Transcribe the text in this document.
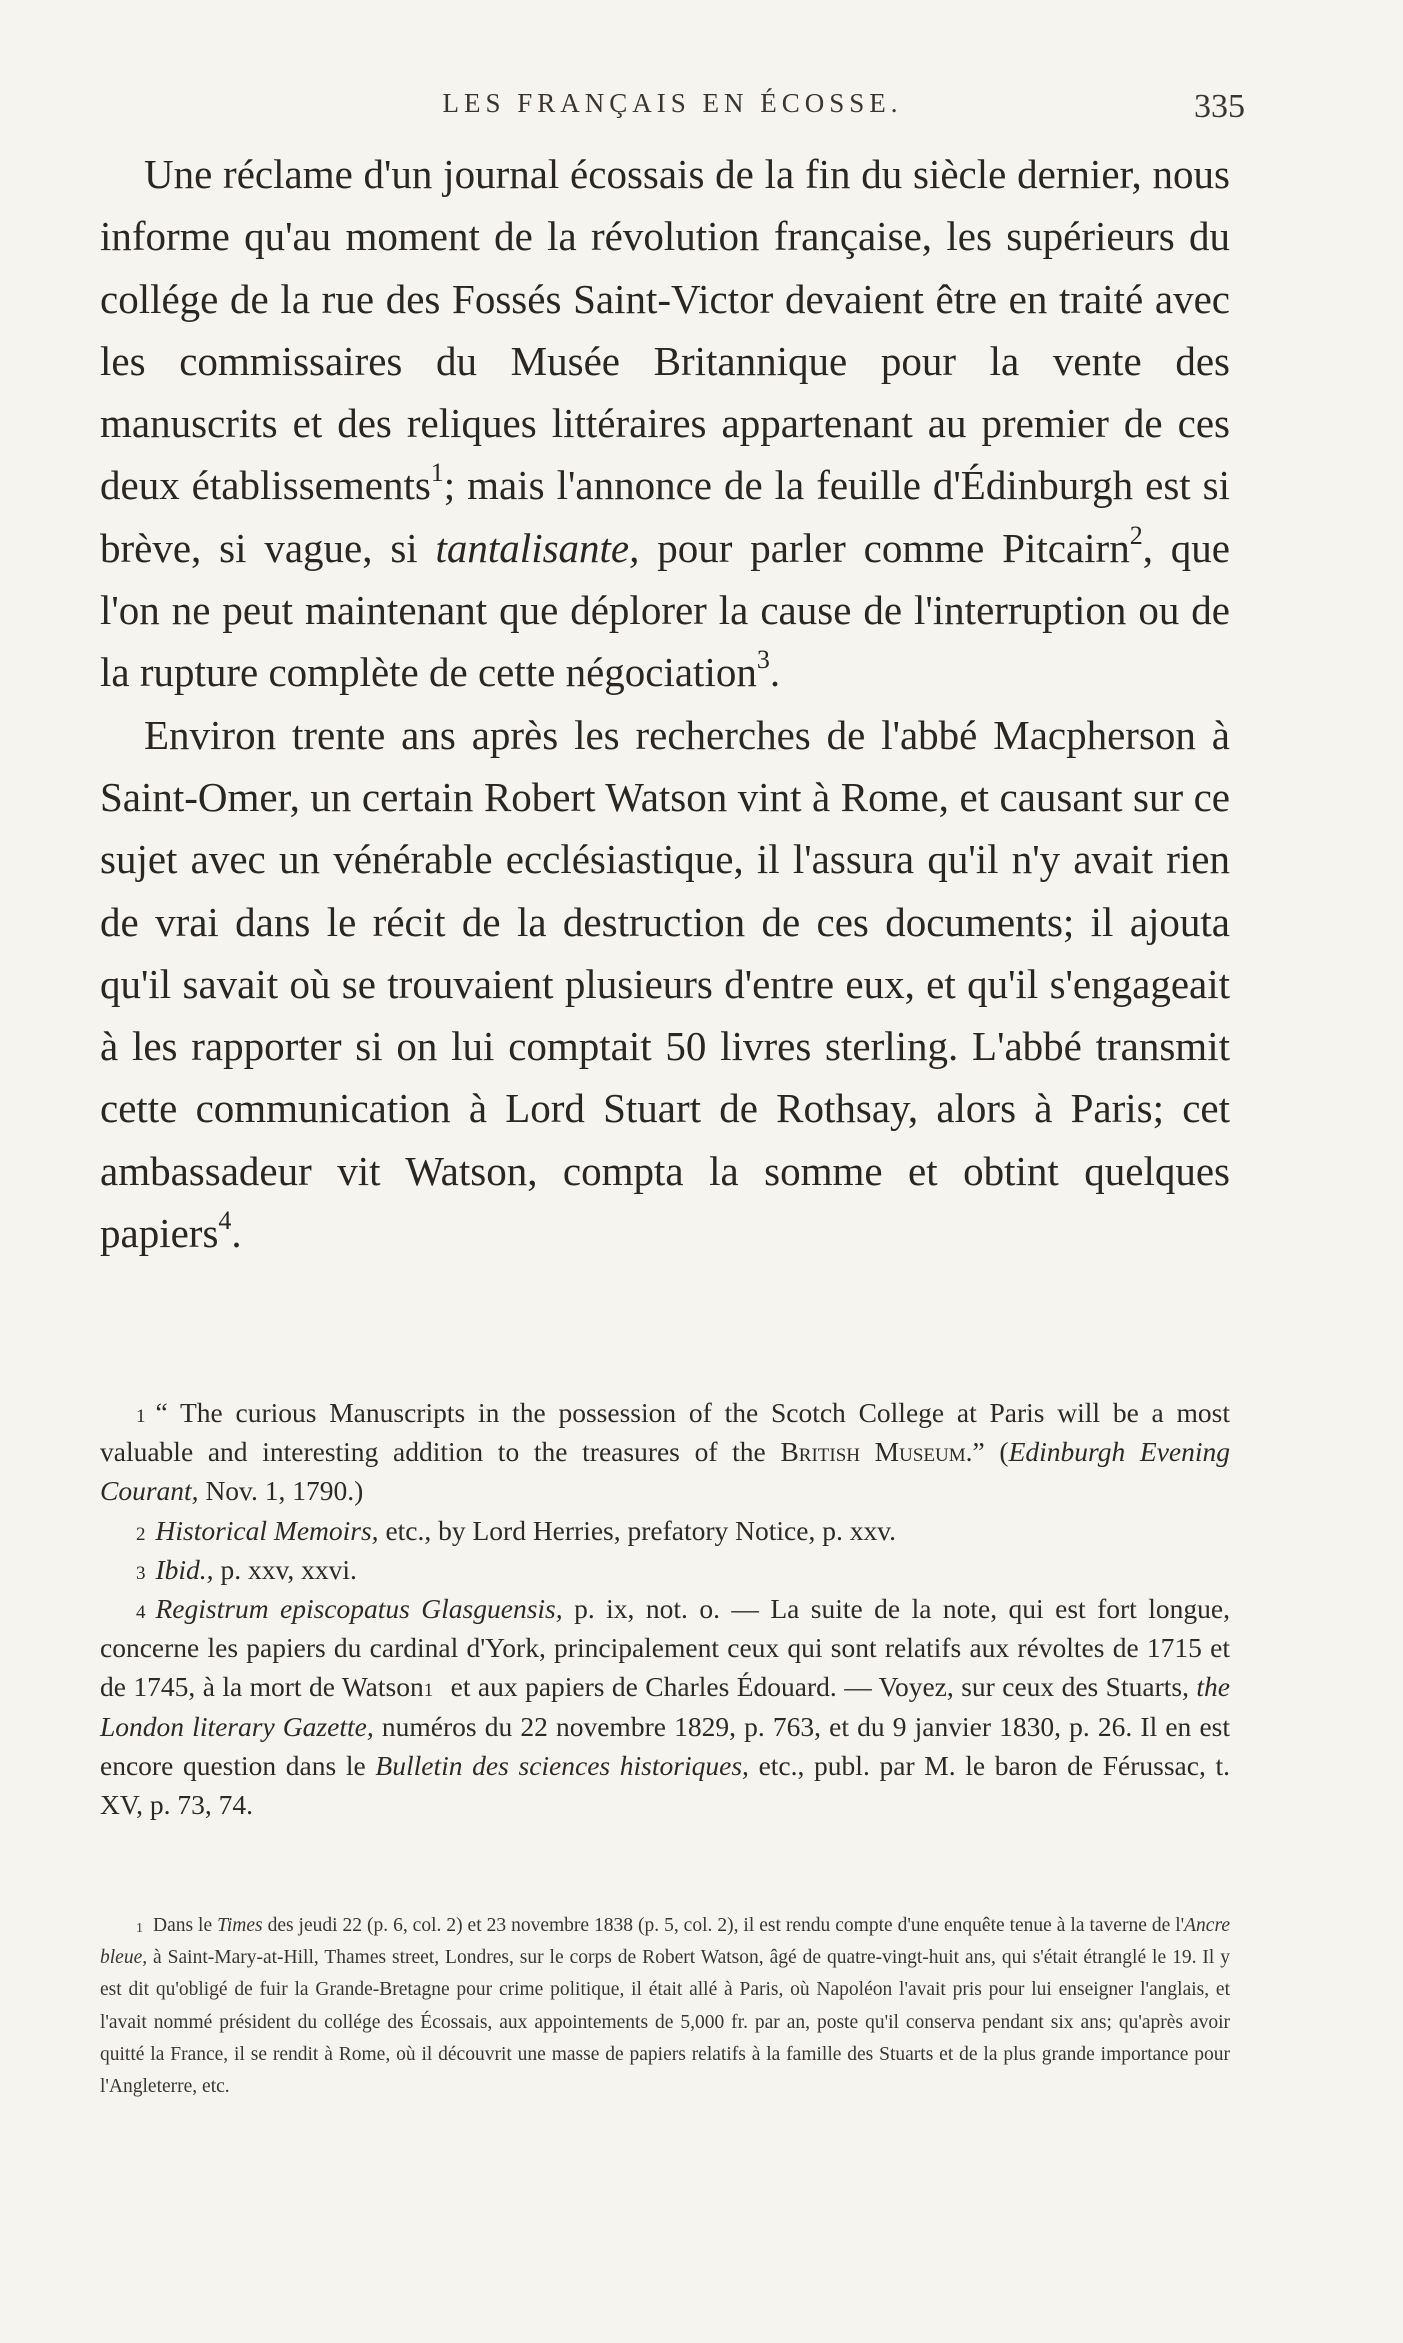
LES FRANÇAIS EN ÉCOSSE.	335

Une réclame d'un journal écossais de la fin du siècle dernier, nous informe qu'au moment de la révolution française, les supérieurs du collége de la rue des Fossés Saint-Victor devaient être en traité avec les commissaires du Musée Britannique pour la vente des manuscrits et des reliques littéraires appartenant au premier de ces deux établissements$^1$; mais l'annonce de la feuille d'Édinburgh est si brève, si vague, si tantalisante, pour parler comme Pitcairn$^2$, que l'on ne peut maintenant que déplorer la cause de l'interruption ou de la rupture complète de cette négociation$^3$.

Environ trente ans après les recherches de l'abbé Macpherson à Saint-Omer, un certain Robert Watson vint à Rome, et causant sur ce sujet avec un vénérable ecclésiastique, il l'assura qu'il n'y avait rien de vrai dans le récit de la destruction de ces documents; il ajouta qu'il savait où se trouvaient plusieurs d'entre eux, et qu'il s'engageait à les rapporter si on lui comptait 50 livres sterling. L'abbé transmit cette communication à Lord Stuart de Rothsay, alors à Paris; cet ambassadeur vit Watson, compta la somme et obtint quelques papiers$^4$.

$^1$ “ The curious Manuscripts in the possession of the Scotch College at Paris will be a most valuable and interesting addition to the treasures of the British Museum.” (Edinburgh Evening Courant, Nov. 1, 1790.)

$^2$ Historical Memoirs, etc., by Lord Herries, prefatory Notice, p. xxv.

$^3$ Ibid., p. xxv, xxvi.

$^4$ Registrum episcopatus Glasguensis, p. ix, not. o. — La suite de la note, qui est fort longue, concerne les papiers du cardinal d'York, principalement ceux qui sont relatifs aux révoltes de 1715 et de 1745, à la mort de Watson$^1$ et aux papiers de Charles Édouard. — Voyez, sur ceux des Stuarts, the London literary Gazette, numéros du 22 novembre 1829, p. 763, et du 9 janvier 1830, p. 26. Il en est encore question dans le Bulletin des sciences historiques, etc., publ. par M. le baron de Férussac, t. XV, p. 73, 74.

$^1$ Dans le Times des jeudi 22 (p. 6, col. 2) et 23 novembre 1838 (p. 5, col. 2), il est rendu compte d'une enquête tenue à la taverne de l'Ancre bleue, à Saint-Mary-at-Hill, Thames street, Londres, sur le corps de Robert Watson, âgé de quatre-vingt-huit ans, qui s'était étranglé le 19. Il y est dit qu'obligé de fuir la Grande-Bretagne pour crime politique, il était allé à Paris, où Napoléon l'avait pris pour lui enseigner l'anglais, et l'avait nommé président du collége des Écossais, aux appointements de 5,000 fr. par an, poste qu'il conserva pendant six ans; qu'après avoir quitté la France, il se rendit à Rome, où il découvrit une masse de papiers relatifs à la famille des Stuarts et de la plus grande importance pour l'Angleterre, etc.
